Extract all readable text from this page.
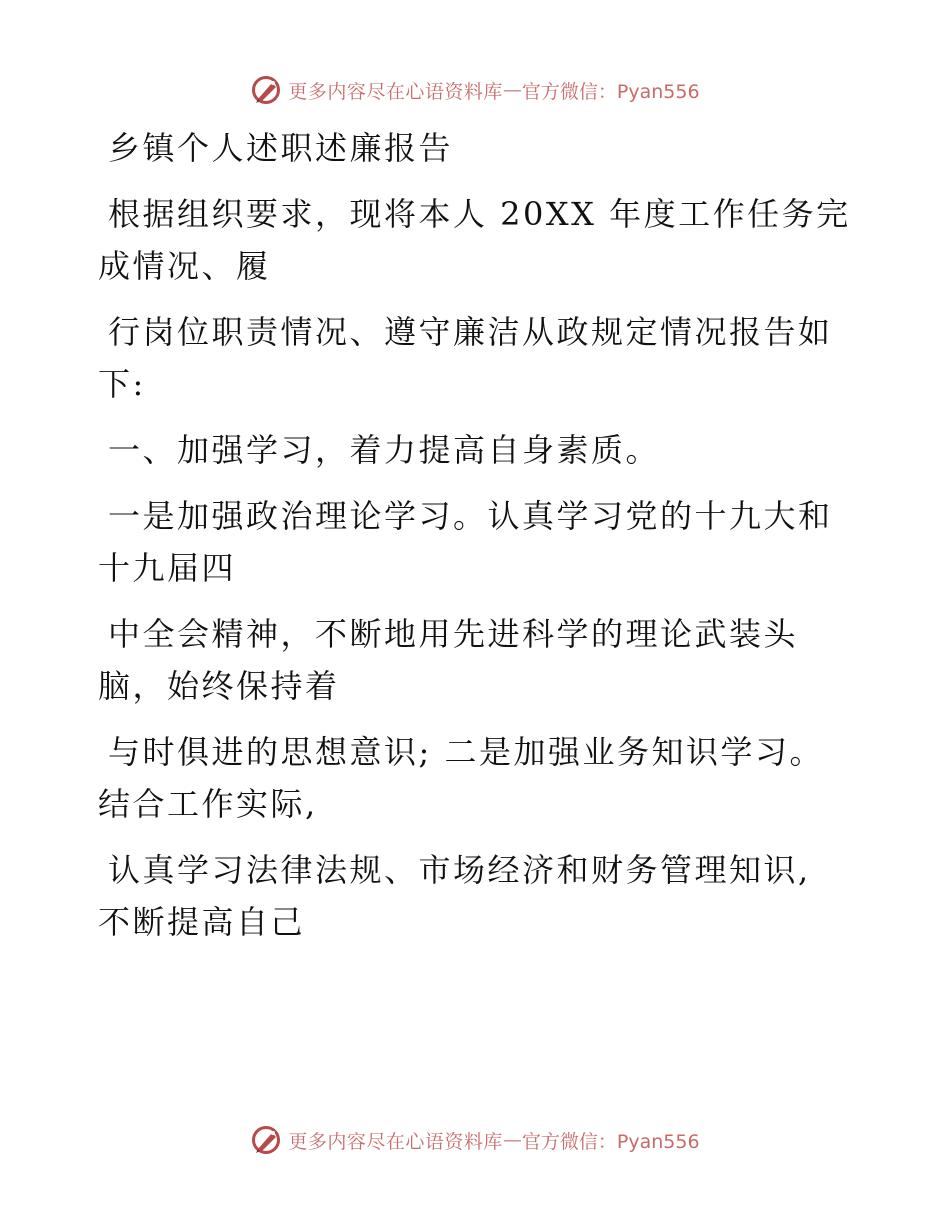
更多内容尽在心语资料库 — 官方微信：Pyan556
乡镇个人述职述廉报告
根据组织要求，现将本人 20XX 年度工作任务完
成情况、履
行岗位职责情况、遵守廉洁从政规定情况报告如
下:
一、加强学习，着力提高自身素质。
一是加强政治理论学习。认真学习党的十九大和
十九届四
中全会精神，不断地用先进科学的理论武装头
脑，始终保持着
与时俱进的思想意识; 二是加强业务知识学习。
结合工作实际,
认真学习法律法规、市场经济和财务管理知识,
不断提高自己
更多内容尽在心语资料库 — 官方微信：Pyan556
